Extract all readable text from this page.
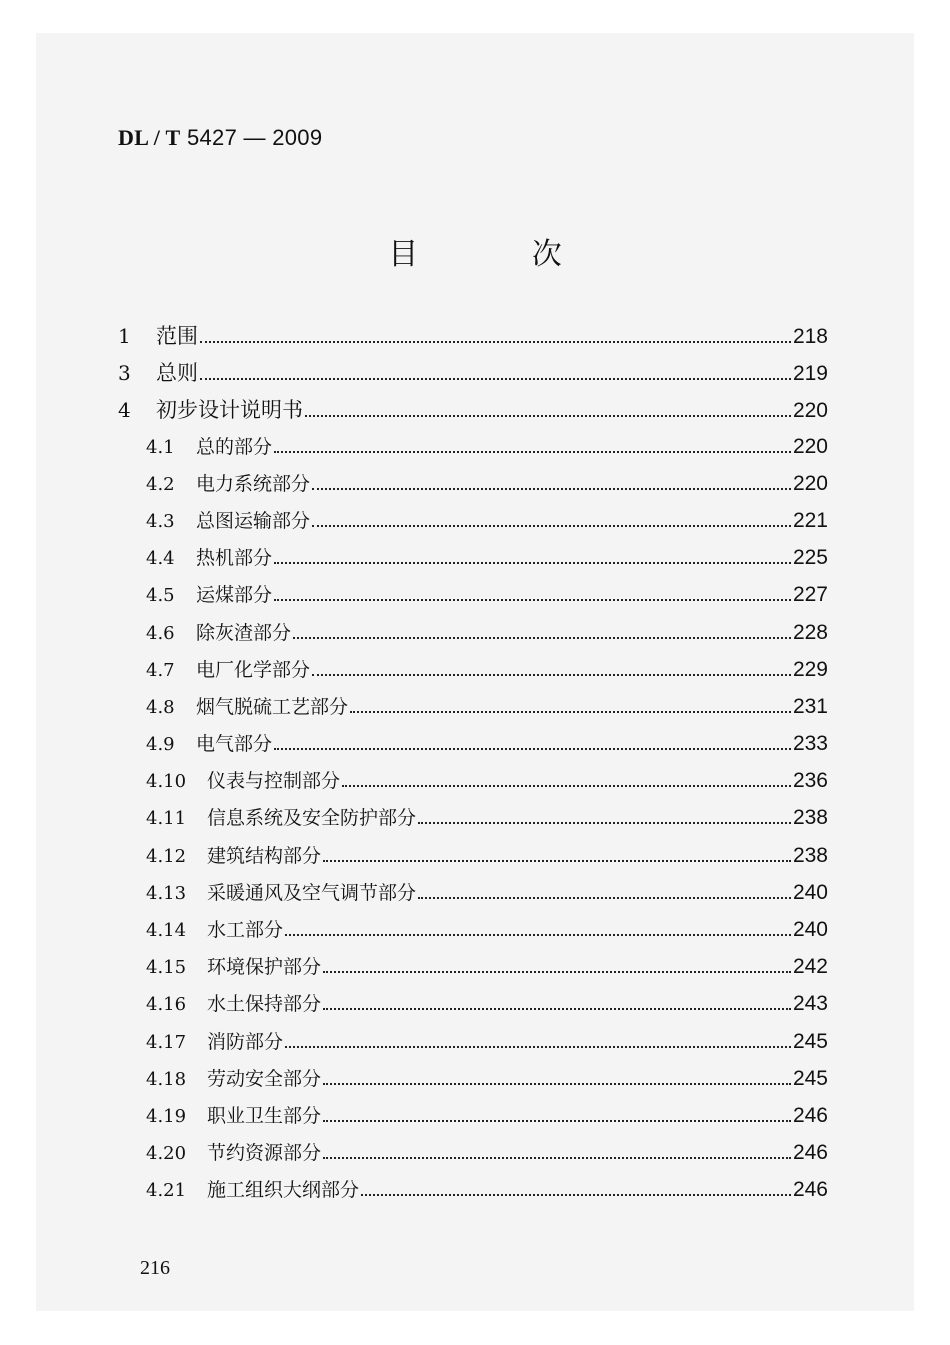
DL / T 5427 — 2009
目 次
1	范围	218
3	总则	219
4	初步设计说明书	220
4.1	总的部分	220
4.2	电力系统部分	220
4.3	总图运输部分	221
4.4	热机部分	225
4.5	运煤部分	227
4.6	除灰渣部分	228
4.7	电厂化学部分	229
4.8	烟气脱硫工艺部分	231
4.9	电气部分	233
4.10	仪表与控制部分	236
4.11	信息系统及安全防护部分	238
4.12	建筑结构部分	238
4.13	采暖通风及空气调节部分	240
4.14	水工部分	240
4.15	环境保护部分	242
4.16	水土保持部分	243
4.17	消防部分	245
4.18	劳动安全部分	245
4.19	职业卫生部分	246
4.20	节约资源部分	246
4.21	施工组织大纲部分	246
216
